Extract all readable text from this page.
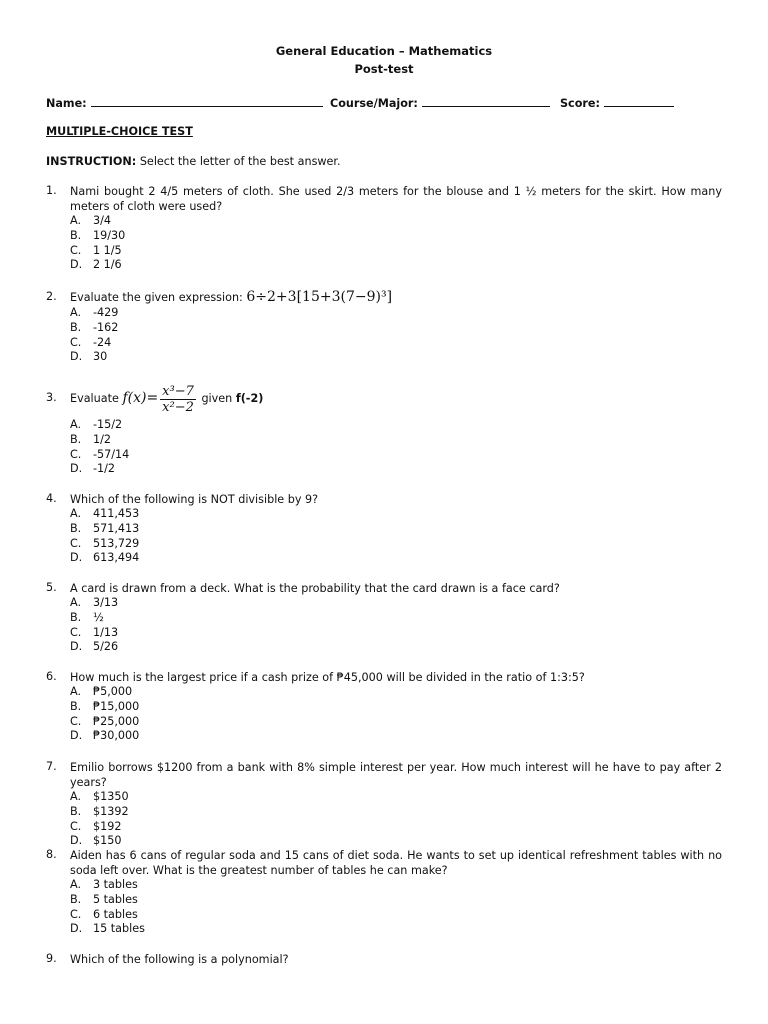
General Education – Mathematics
Post-test
Name:	Course/Major:	Score:
MULTIPLE-CHOICE TEST
INSTRUCTION: Select the letter of the best answer.
1. Nami bought 2 4/5 meters of cloth. She used 2/3 meters for the blouse and 1 ½ meters for the skirt. How many meters of cloth were used?
A. 3/4
B. 19/30
C. 1 1/5
D. 2 1/6
2. Evaluate the given expression: 6÷2+3[15+3(7−9)³]
A. -429
B. -162
C. -24
D. 30
3. Evaluate $f(x)= \frac{\text{x³−7}}{\text{x²−2}}$ given f(-2)
A. -15/2
B. 1/2
C. -57/14
D. -1/2
4. Which of the following is NOT divisible by 9?
A. 411,453
B. 571,413
C. 513,729
D. 613,494
5. A card is drawn from a deck. What is the probability that the card drawn is a face card?
A. 3/13
B. ½
C. 1/13
D. 5/26
6. How much is the largest price if a cash prize of ₱45,000 will be divided in the ratio of 1:3:5?
A. ₱5,000
B. ₱15,000
C. ₱25,000
D. ₱30,000
7. Emilio borrows $1200 from a bank with 8% simple interest per year. How much interest will he have to pay after 2 years?
A. $1350
B. $1392
C. $192
D. $150
8. Aiden has 6 cans of regular soda and 15 cans of diet soda. He wants to set up identical refreshment tables with no soda left over. What is the greatest number of tables he can make?
A. 3 tables
B. 5 tables
C. 6 tables
D. 15 tables
9. Which of the following is a polynomial?
